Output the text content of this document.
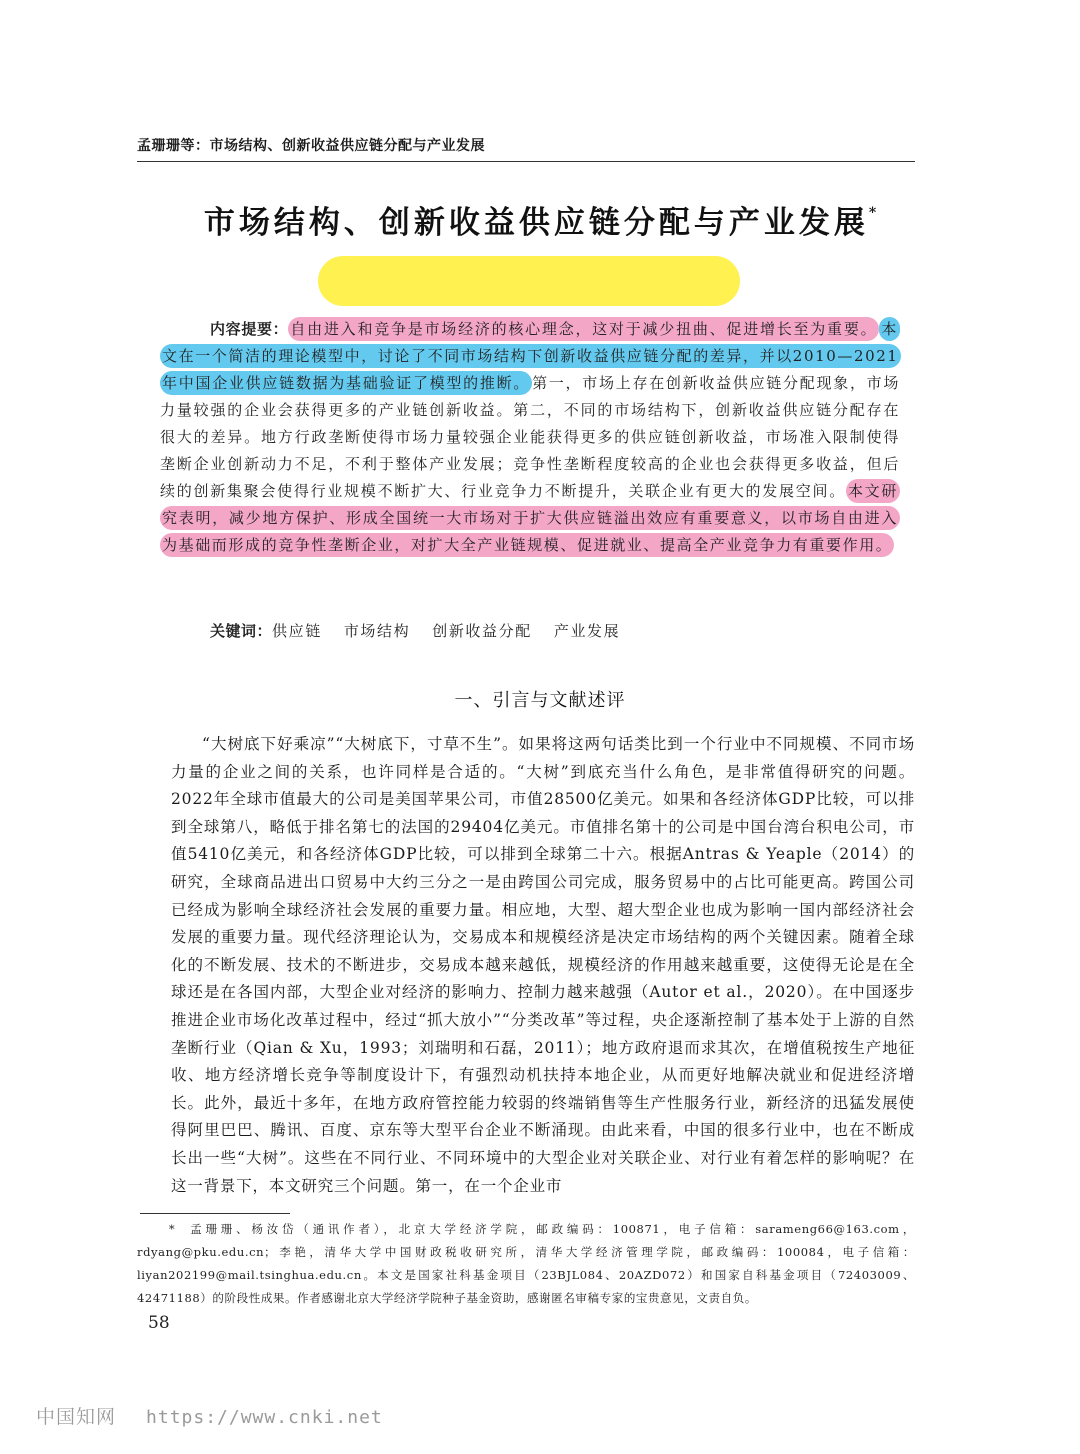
孟珊珊等：市场结构、创新收益供应链分配与产业发展
市场结构、创新收益供应链分配与产业发展*
内容提要： 自由进入和竞争是市场经济的核心理念，这对于减少扭曲、促进增长至为重要。 本文在一个简洁的理论模型中，讨论了不同市场结构下创新收益供应链分配的差异，并以2010—2021年中国企业供应链数据为基础验证了模型的推断。 第一，市场上存在创新收益供应链分配现象，市场力量较强的企业会获得更多的产业链创新收益。第二，不同的市场结构下，创新收益供应链分配存在很大的差异。地方行政垄断使得市场力量较强企业能获得更多的供应链创新收益，市场准入限制使得垄断企业创新动力不足，不利于整体产业发展；竞争性垄断程度较高的企业也会获得更多收益，但后续的创新集聚会使得行业规模不断扩大、行业竞争力不断提升，关联企业有更大的发展空间。 本文研究表明，减少地方保护、形成全国统一大市场对于扩大供应链溢出效应有重要意义，以市场自由进入为基础而形成的竞争性垄断企业，对扩大全产业链规模、促进就业、提高全产业竞争力有重要作用。
关键词：供应链 市场结构 创新收益分配 产业发展
一、引言与文献述评

“大树底下好乘凉”“大树底下，寸草不生”。如果将这两句话类比到一个行业中不同规模、不同市场力量的企业之间的关系，也许同样是合适的。“大树”到底充当什么角色，是非常值得研究的问题。2022年全球市值最大的公司是美国苹果公司，市值28500亿美元。如果和各经济体GDP比较，可以排到全球第八，略低于排名第七的法国的29404亿美元。市值排名第十的公司是中国台湾台积电公司，市值5410亿美元，和各经济体GDP比较，可以排到全球第二十六。根据Antras & Yeaple（2014）的研究，全球商品进出口贸易中大约三分之一是由跨国公司完成，服务贸易中的占比可能更高。跨国公司已经成为影响全球经济社会发展的重要力量。相应地，大型、超大型企业也成为影响一国内部经济社会发展的重要力量。现代经济理论认为，交易成本和规模经济是决定市场结构的两个关键因素。随着全球化的不断发展、技术的不断进步，交易成本越来越低，规模经济的作用越来越重要，这使得无论是在全球还是在各国内部，大型企业对经济的影响力、控制力越来越强（Autor et al.，2020）。在中国逐步推进企业市场化改革过程中，经过“抓大放小”“分类改革”等过程，央企逐渐控制了基本处于上游的自然垄断行业（Qian & Xu，1993；刘瑞明和石磊，2011）；地方政府退而求其次，在增值税按生产地征收、地方经济增长竞争等制度设计下，有强烈动机扶持本地企业，从而更好地解决就业和促进经济增长。此外，最近十多年，在地方政府管控能力较弱的终端销售等生产性服务行业，新经济的迅猛发展使得阿里巴巴、腾讯、百度、京东等大型平台企业不断涌现。由此来看，中国的很多行业中，也在不断成长出一些“大树”。这些在不同行业、不同环境中的大型企业对关联企业、对行业有着怎样的影响呢？在这一背景下，本文研究三个问题。第一，在一个企业市

* 孟珊珊、杨汝岱（通讯作者），北京大学经济学院，邮政编码：100871，电子信箱：sarameng66@163.com，rdyang@pku.edu.cn；李艳，清华大学中国财政税收研究所，清华大学经济管理学院，邮政编码：100084，电子信箱：liyan202199@mail.tsinghua.edu.cn。本文是国家社科基金项目（23BJL084、20AZD072）和国家自科基金项目（72403009、42471188）的阶段性成果。作者感谢北京大学经济学院种子基金资助，感谢匿名审稿专家的宝贵意见，文责自负。

58
中国知网 https://www.cnki.net
